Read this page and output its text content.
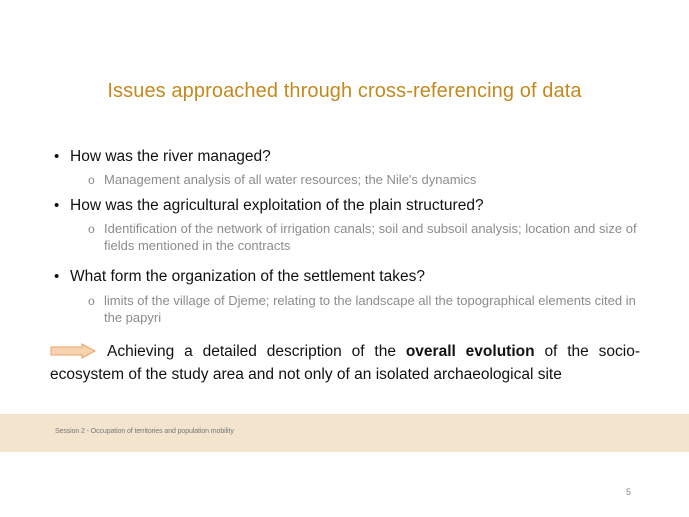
Issues approached through cross-referencing of data
• How was the river managed?
o Management analysis of all water resources; the Nile's dynamics
• How was the agricultural exploitation of the plain structured?
o Identification of the network of irrigation canals; soil and subsoil analysis; location and size of fields mentioned in the contracts
• What form the organization of the settlement takes?
o limits of the village of Djeme; relating to the landscape all the topographical elements cited in the papyri
Achieving a detailed description of the overall evolution of the socio-ecosystem of the study area and not only of an isolated archaeological site
Session 2 - Occupation of territories and population mobility
5
